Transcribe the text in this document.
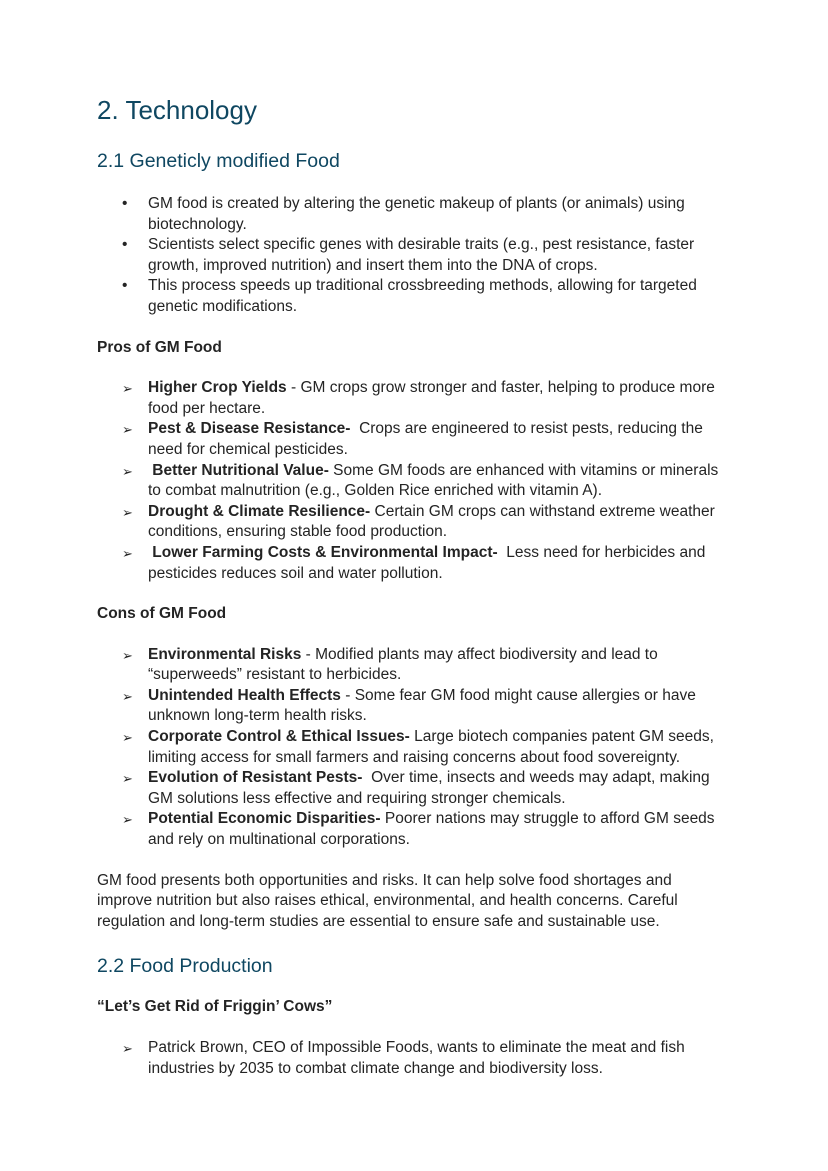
2. Technology
2.1 Geneticly modified Food
• GM food is created by altering the genetic makeup of plants (or animals) using biotechnology.
• Scientists select specific genes with desirable traits (e.g., pest resistance, faster growth, improved nutrition) and insert them into the DNA of crops.
• This process speeds up traditional crossbreeding methods, allowing for targeted genetic modifications.

Pros of GM Food

➢ Higher Crop Yields - GM crops grow stronger and faster, helping to produce more food per hectare.
➢ Pest & Disease Resistance-  Crops are engineered to resist pests, reducing the need for chemical pesticides.
➢ Better Nutritional Value- Some GM foods are enhanced with vitamins or minerals to combat malnutrition (e.g., Golden Rice enriched with vitamin A).
➢ Drought & Climate Resilience- Certain GM crops can withstand extreme weather conditions, ensuring stable food production.
➢ Lower Farming Costs & Environmental Impact-  Less need for herbicides and pesticides reduces soil and water pollution.

Cons of GM Food

➢ Environmental Risks - Modified plants may affect biodiversity and lead to “superweeds” resistant to herbicides.
➢ Unintended Health Effects - Some fear GM food might cause allergies or have unknown long-term health risks.
➢ Corporate Control & Ethical Issues- Large biotech companies patent GM seeds, limiting access for small farmers and raising concerns about food sovereignty.
➢ Evolution of Resistant Pests-  Over time, insects and weeds may adapt, making GM solutions less effective and requiring stronger chemicals.
➢ Potential Economic Disparities- Poorer nations may struggle to afford GM seeds and rely on multinational corporations.

GM food presents both opportunities and risks. It can help solve food shortages and improve nutrition but also raises ethical, environmental, and health concerns. Careful regulation and long-term studies are essential to ensure safe and sustainable use.

2.2 Food Production

“Let’s Get Rid of Friggin’ Cows”

➢ Patrick Brown, CEO of Impossible Foods, wants to eliminate the meat and fish industries by 2035 to combat climate change and biodiversity loss.
